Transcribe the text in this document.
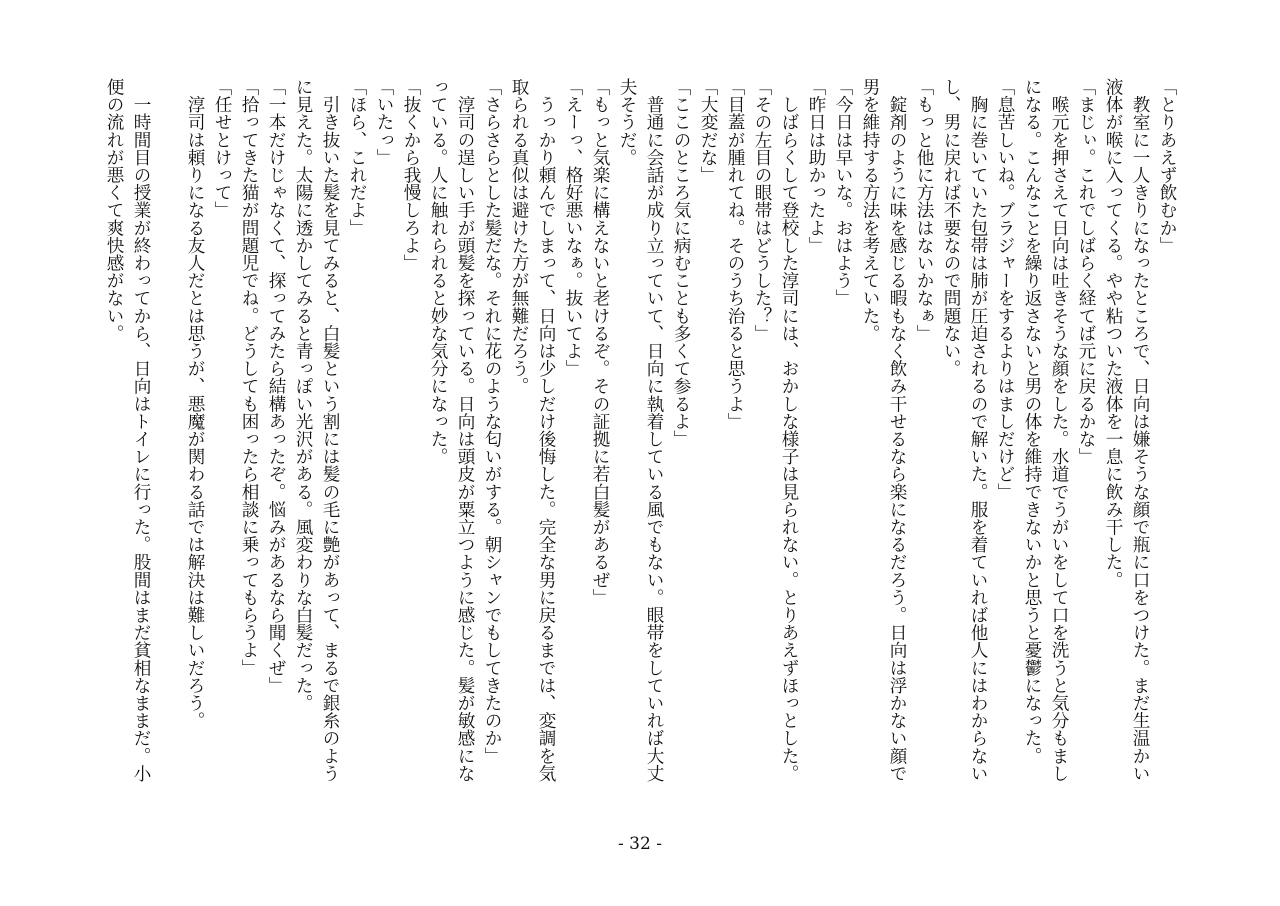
「とりあえず飲むか」
　教室に一人きりになったところで、日向は嫌そうな顔で瓶に口をつけた。まだ生温かい
液体が喉に入ってくる。やや粘ついた液体を一息に飲み干した。
「まじぃ。これでしばらく経てば元に戻るかな」
　喉元を押さえて日向は吐きそうな顔をした。水道でうがいをして口を洗うと気分もまし
になる。こんなことを繰り返さないと男の体を維持できないかと思うと憂鬱になった。
「息苦しいね。ブラジャーをするよりはましだけど」
　胸に巻いていた包帯は肺が圧迫されるので解いた。服を着ていれば他人にはわからない
し、男に戻れば不要なので問題ない。
「もっと他に方法はないかなぁ」
　錠剤のように味を感じる暇もなく飲み干せるなら楽になるだろう。日向は浮かない顔で
男を維持する方法を考えていた。
「今日は早いな。おはよう」
「昨日は助かったよ」
　しばらくして登校した淳司には、おかしな様子は見られない。とりあえずほっとした。
「その左目の眼帯はどうした？」
「目蓋が腫れてね。そのうち治ると思うよ」
「大変だな」
「ここのところ気に病むことも多くて参るよ」
　普通に会話が成り立っていて、日向に執着している風でもない。眼帯をしていれば大丈
夫そうだ。
「もっと気楽に構えないと老けるぞ。その証拠に若白髪があるぜ」
「えーっ、格好悪いなぁ。抜いてよ」
　うっかり頼んでしまって、日向は少しだけ後悔した。完全な男に戻るまでは、変調を気
取られる真似は避けた方が無難だろう。
「さらさらとした髪だな。それに花のような匂いがする。朝シャンでもしてきたのか」
　淳司の逞しい手が頭髪を探っている。日向は頭皮が粟立つように感じた。髪が敏感にな
っている。人に触れられると妙な気分になった。
「抜くから我慢しろよ」
「いたっ」
「ほら、これだよ」
　引き抜いた髪を見てみると、白髪という割には髪の毛に艶があって、まるで銀糸のよう
に見えた。太陽に透かしてみると青っぽい光沢がある。風変わりな白髪だった。
「一本だけじゃなくて、探ってみたら結構あったぞ。悩みがあるなら聞くぜ」
「拾ってきた猫が問題児でね。どうしても困ったら相談に乗ってもらうよ」
「任せとけって」
　淳司は頼りになる友人だとは思うが、悪魔が関わる話では解決は難しいだろう。

　一時間目の授業が終わってから、日向はトイレに行った。股間はまだ貧相なままだ。小
便の流れが悪くて爽快感がない。
- 32 -
